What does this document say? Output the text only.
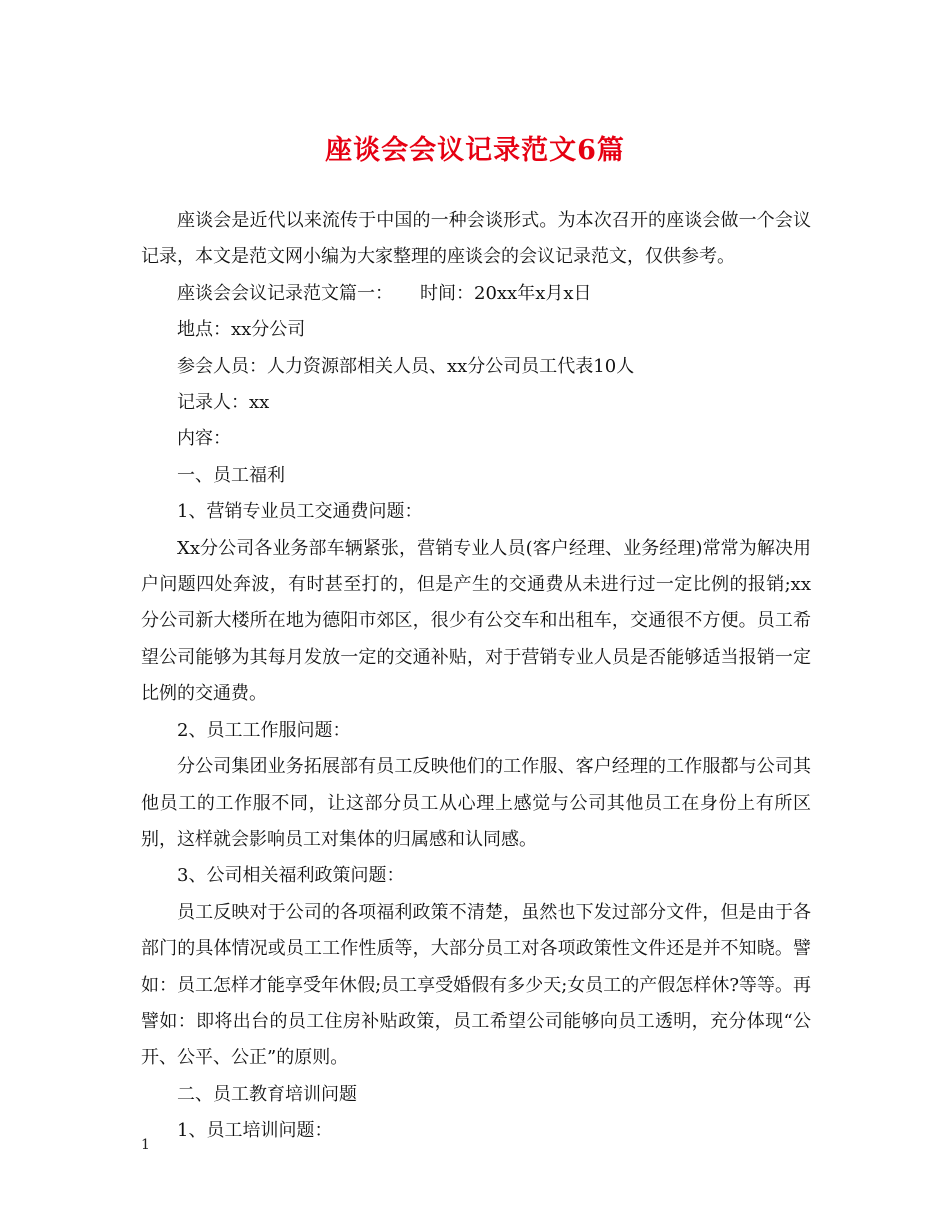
座谈会会议记录范文6篇

座谈会是近代以来流传于中国的一种会谈形式。为本次召开的座谈会做一个会议记录，本文是范文网小编为大家整理的座谈会的会议记录范文，仅供参考。

座谈会会议记录范文篇一：　　时间：20xx年x月x日

地点：xx分公司

参会人员：人力资源部相关人员、xx分公司员工代表10人

记录人：xx

内容：

一、员工福利

1、营销专业员工交通费问题：

Xx分公司各业务部车辆紧张，营销专业人员(客户经理、业务经理)常常为解决用户问题四处奔波，有时甚至打的，但是产生的交通费从未进行过一定比例的报销;xx分公司新大楼所在地为德阳市郊区，很少有公交车和出租车，交通很不方便。员工希望公司能够为其每月发放一定的交通补贴，对于营销专业人员是否能够适当报销一定比例的交通费。

2、员工工作服问题：

分公司集团业务拓展部有员工反映他们的工作服、客户经理的工作服都与公司其他员工的工作服不同，让这部分员工从心理上感觉与公司其他员工在身份上有所区别，这样就会影响员工对集体的归属感和认同感。

3、公司相关福利政策问题：

员工反映对于公司的各项福利政策不清楚，虽然也下发过部分文件，但是由于各部门的具体情况或员工工作性质等，大部分员工对各项政策性文件还是并不知晓。譬如：员工怎样才能享受年休假;员工享受婚假有多少天;女员工的产假怎样休?等等。再譬如：即将出台的员工住房补贴政策，员工希望公司能够向员工透明，充分体现“公开、公平、公正”的原则。

二、员工教育培训问题

1、员工培训问题：

1
